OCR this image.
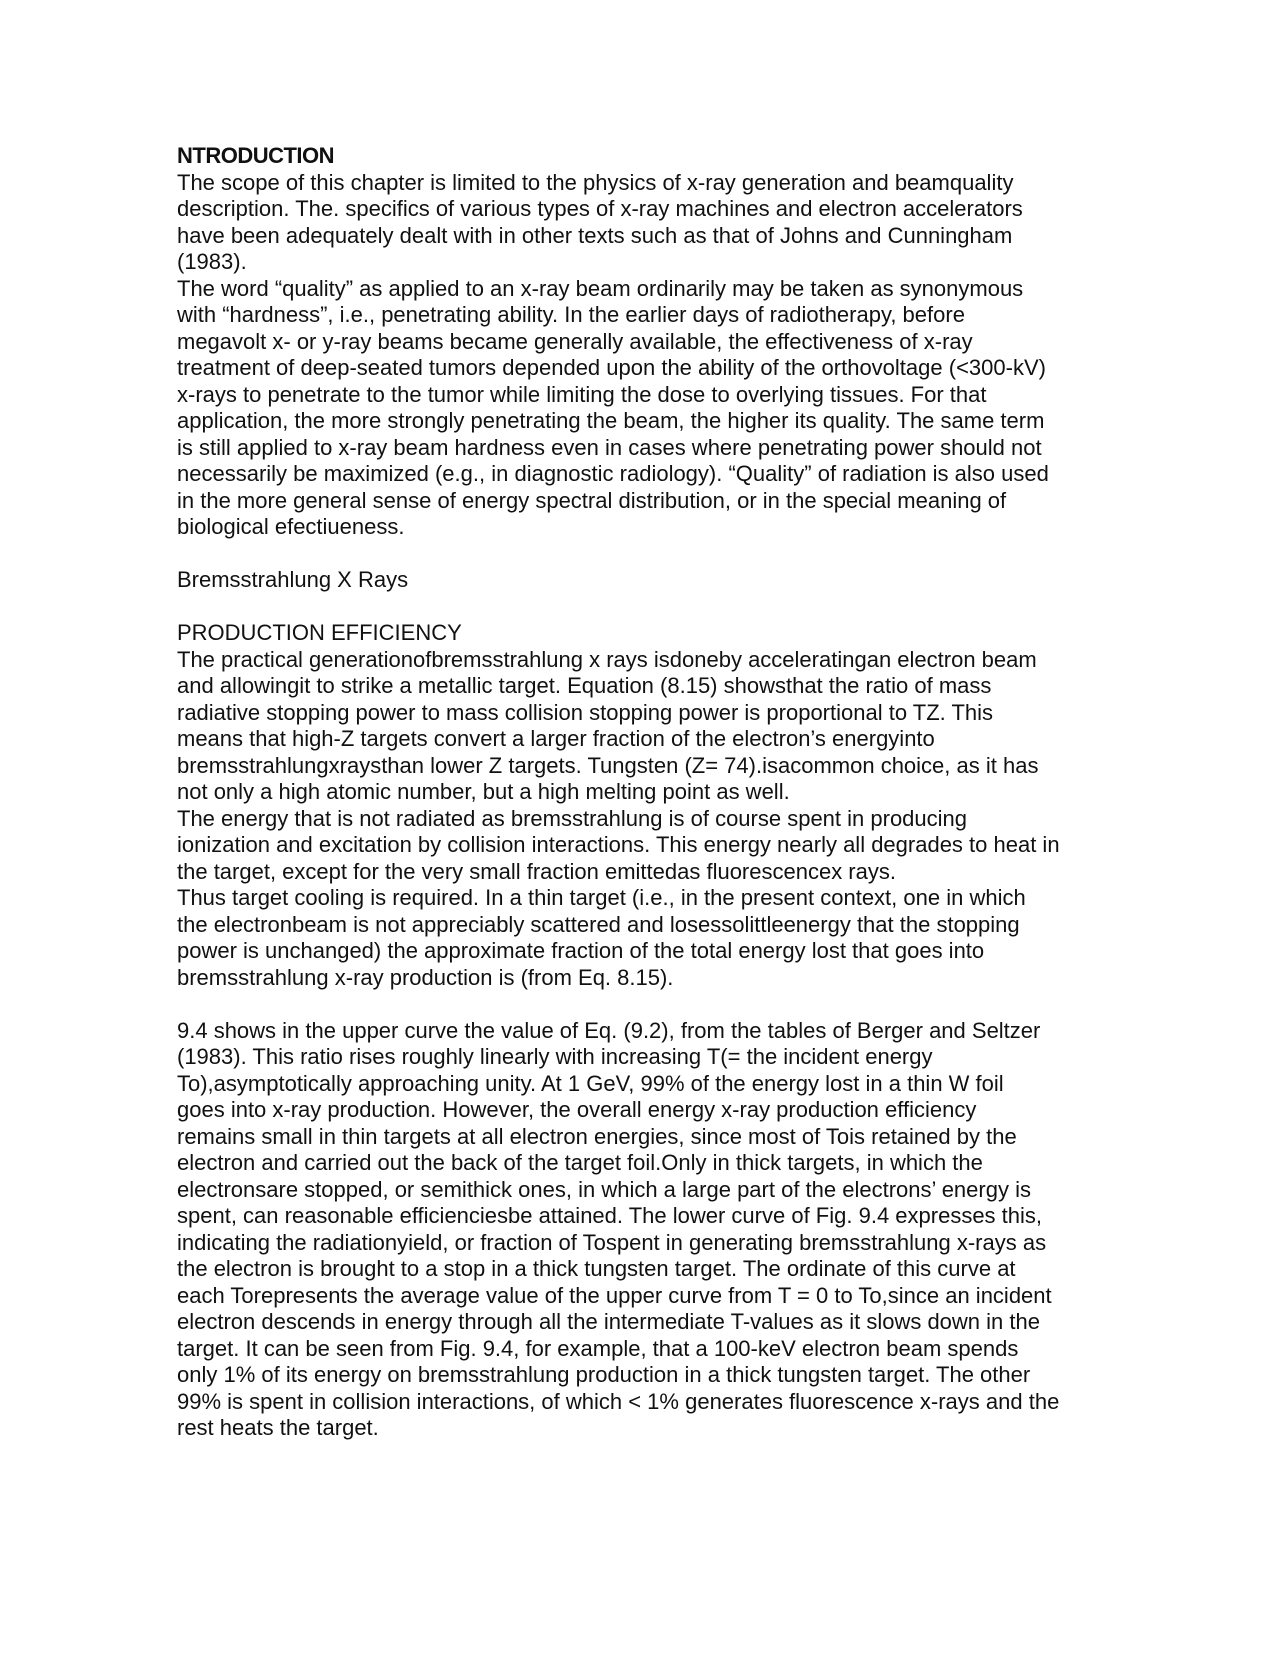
NTRODUCTION
The scope of this chapter is limited to the physics of x-ray generation and beamquality
description. The. specifics of various types of x-ray machines and electron accelerators
have been adequately dealt with in other texts such as that of Johns and Cunningham
(1983).
The word “quality” as applied to an x-ray beam ordinarily may be taken as synonymous
with “hardness”, i.e., penetrating ability. In the earlier days of radiotherapy, before
megavolt x- or y-ray beams became generally available, the effectiveness of x-ray
treatment of deep-seated tumors depended upon the ability of the orthovoltage (<300-kV)
x-rays to penetrate to the tumor while limiting the dose to overlying tissues. For that
application, the more strongly penetrating the beam, the higher its quality. The same term
is still applied to x-ray beam hardness even in cases where penetrating power should not
necessarily be maximized (e.g., in diagnostic radiology). “Quality” of radiation is also used
in the more general sense of energy spectral distribution, or in the special meaning of
biological efectiueness.
Bremsstrahlung X Rays
PRODUCTION EFFICIENCY
The practical generationofbremsstrahlung x rays isdoneby acceleratingan electron beam
and allowingit to strike a metallic target. Equation (8.15) showsthat the ratio of mass
radiative stopping power to mass collision stopping power is proportional to TZ. This
means that high-Z targets convert a larger fraction of the electron’s energyinto
bremsstrahlungxraysthan lower Z targets. Tungsten (Z= 74).isacommon choice, as it has
not only a high atomic number, but a high melting point as well.
The energy that is not radiated as bremsstrahlung is of course spent in producing
ionization and excitation by collision interactions. This energy nearly all degrades to heat in
the target, except for the very small fraction emittedas fluorescencex rays.
Thus target cooling is required. In a thin target (i.e., in the present context, one in which
the electronbeam is not appreciably scattered and losessolittleenergy that the stopping
power is unchanged) the approximate fraction of the total energy lost that goes into
bremsstrahlung x-ray production is (from Eq. 8.15).
9.4 shows in the upper curve the value of Eq. (9.2), from the tables of Berger and Seltzer
(1983). This ratio rises roughly linearly with increasing T(= the incident energy
To),asymptotically approaching unity. At 1 GeV, 99% of the energy lost in a thin W foil
goes into x-ray production. However, the overall energy x-ray production efficiency
remains small in thin targets at all electron energies, since most of Tois retained by the
electron and carried out the back of the target foil.Only in thick targets, in which the
electronsare stopped, or semithick ones, in which a large part of the electrons’ energy is
spent, can reasonable efficienciesbe attained. The lower curve of Fig. 9.4 expresses this,
indicating the radiationyield, or fraction of Tospent in generating bremsstrahlung x-rays as
the electron is brought to a stop in a thick tungsten target. The ordinate of this curve at
each Torepresents the average value of the upper curve from T = 0 to To,since an incident
electron descends in energy through all the intermediate T-values as it slows down in the
target. It can be seen from Fig. 9.4, for example, that a 100-keV electron beam spends
only 1% of its energy on bremsstrahlung production in a thick tungsten target. The other
99% is spent in collision interactions, of which < 1% generates fluorescence x-rays and the
rest heats the target.
